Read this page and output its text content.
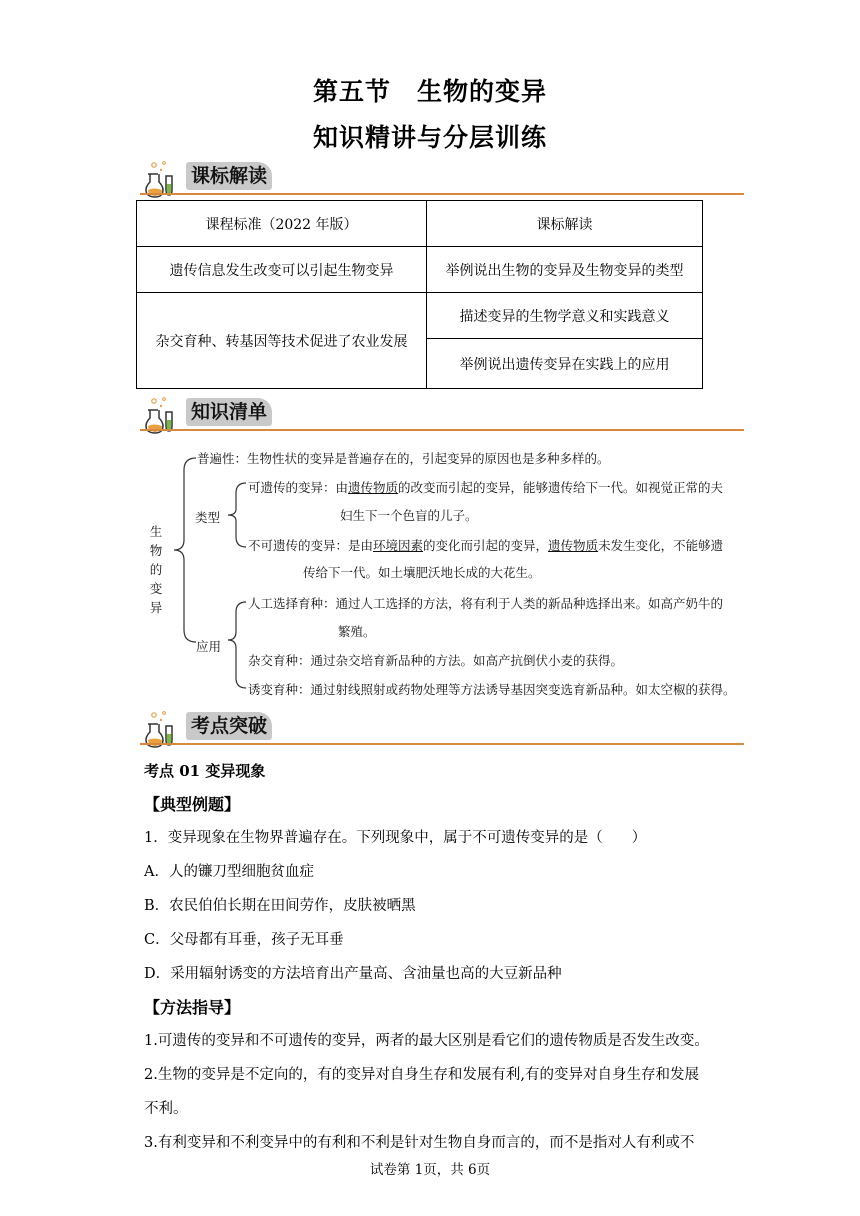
第五节　生物的变异
知识精讲与分层训练
课标解读
课程标准（2022 年版）	课标解读
遗传信息发生改变可以引起生物变异	举例说出生物的变异及生物变异的类型
杂交育种、转基因等技术促进了农业发展	描述变异的生物学意义和实践意义
	举例说出遗传变异在实践上的应用
知识清单
生
物
的
变
异
普遍性：生物性状的变异是普遍存在的，引起变异的原因也是多种多样的。
类型
可遗传的变异：由遗传物质的改变而引起的变异，能够遗传给下一代。如视觉正常的夫
妇生下一个色盲的儿子。
不可遗传的变异：是由环境因素的变化而引起的变异，遗传物质未发生变化，不能够遗
传给下一代。如土壤肥沃地长成的大花生。
应用
人工选择育种：通过人工选择的方法，将有利于人类的新品种选择出来。如高产奶牛的
繁殖。
杂交育种：通过杂交培育新品种的方法。如高产抗倒伏小麦的获得。
诱变育种：通过射线照射或药物处理等方法诱导基因突变选育新品种。如太空椒的获得。
考点突破
考点 01 变异现象
【典型例题】
1．变异现象在生物界普遍存在。下列现象中，属于不可遗传变异的是（　　）
A．人的镰刀型细胞贫血症
B．农民伯伯长期在田间劳作，皮肤被晒黑
C．父母都有耳垂，孩子无耳垂
D．采用辐射诱变的方法培育出产量高、含油量也高的大豆新品种
【方法指导】
1.可遗传的变异和不可遗传的变异，两者的最大区别是看它们的遗传物质是否发生改变。
2.生物的变异是不定向的，有的变异对自身生存和发展有利,有的变异对自身生存和发展
不利。
3.有利变异和不利变异中的有利和不利是针对生物自身而言的，而不是指对人有利或不
试卷第 1页，共 6页
